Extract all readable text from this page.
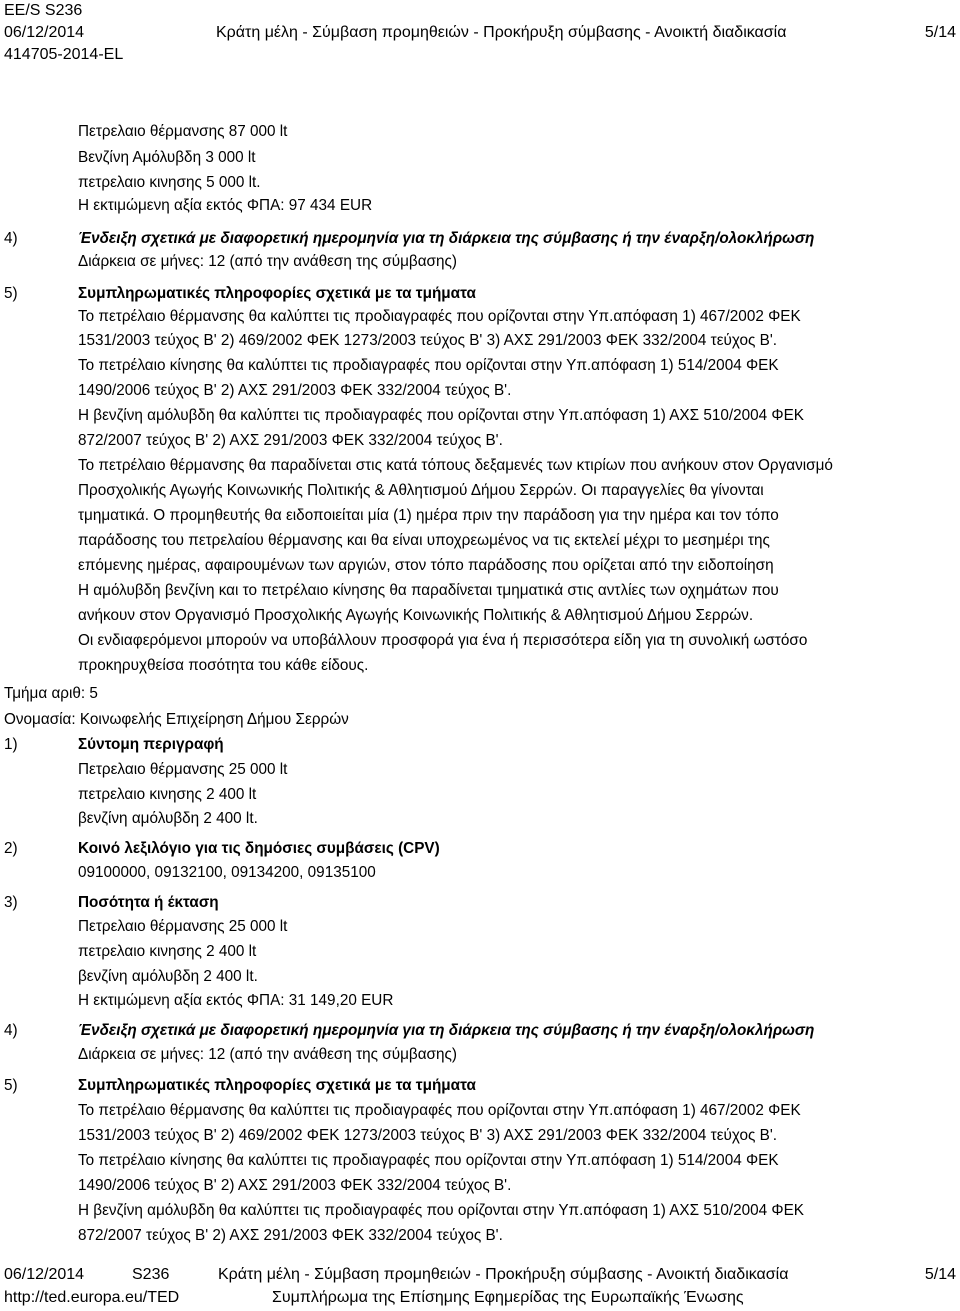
EE/S S236
06/12/2014	Κράτη μέλη - Σύμβαση προμηθειών - Προκήρυξη σύμβασης - Ανοικτή διαδικασία	5/14
414705-2014-EL
Πετρελαιο θέρμανσης 87 000 lt
Βενζίνη Αμόλυβδη 3 000 lt
πετρελαιο κινησης 5 000 lt.
Η εκτιμώμενη αξία εκτός ΦΠΑ: 97 434 EUR
4)	Ένδειξη σχετικά με διαφορετική ημερομηνία για τη διάρκεια της σύμβασης ή την έναρξη/ολοκλήρωση
Διάρκεια σε μήνες: 12 (από την ανάθεση της σύμβασης)
5)	Συμπληρωματικές πληροφορίες σχετικά με τα τμήματα
Το πετρέλαιο θέρμανσης θα καλύπτει τις προδιαγραφές που ορίζονται στην Υπ.απόφαση 1) 467/2002 ΦΕΚ
1531/2003 τεύχος Β' 2) 469/2002 ΦΕΚ 1273/2003 τεύχος Β' 3) ΑΧΣ 291/2003 ΦΕΚ 332/2004 τεύχος Β'.
Το πετρέλαιο κίνησης θα καλύπτει τις προδιαγραφές που ορίζονται στην Υπ.απόφαση 1) 514/2004 ΦΕΚ
1490/2006 τεύχος Β' 2) ΑΧΣ 291/2003 ΦΕΚ 332/2004 τεύχος Β'.
Η βενζίνη αμόλυβδη θα καλύπτει τις προδιαγραφές που ορίζονται στην Υπ.απόφαση 1) ΑΧΣ 510/2004 ΦΕΚ
872/2007 τεύχος Β' 2) ΑΧΣ 291/2003 ΦΕΚ 332/2004 τεύχος Β'.
Το πετρέλαιο θέρμανσης θα παραδίνεται στις κατά τόπους δεξαμενές των κτιρίων που ανήκουν στον Οργανισμό
Προσχολικής Αγωγής Κοινωνικής Πολιτικής & Αθλητισμού Δήμου Σερρών. Οι παραγγελίες θα γίνονται
τμηματικά. Ο προμηθευτής θα ειδοποιείται μία (1) ημέρα πριν την παράδοση για την ημέρα και τον τόπο
παράδοσης του πετρελαίου θέρμανσης και θα είναι υποχρεωμένος να τις εκτελεί μέχρι το μεσημέρι της
επόμενης ημέρας, αφαιρουμένων των αργιών, στον τόπο παράδοσης που ορίζεται από την ειδοποίηση
Η αμόλυβδη βενζίνη και το πετρέλαιο κίνησης θα παραδίνεται τμηματικά στις αντλίες των οχημάτων που
ανήκουν στον Οργανισμό Προσχολικής Αγωγής Κοινωνικής Πολιτικής & Αθλητισμού Δήμου Σερρών.
Οι ενδιαφερόμενοι μπορούν να υποβάλλουν προσφορά για ένα ή περισσότερα είδη για τη συνολική ωστόσο
προκηρυχθείσα ποσότητα του κάθε είδους.
Τμήμα αριθ: 5
Ονομασία: Κοινωφελής Επιχείρηση Δήμου Σερρών
1)	Σύντομη περιγραφή
Πετρελαιο θέρμανσης 25 000 lt
πετρελαιο κινησης 2 400 lt
βενζίνη αμόλυβδη 2 400 lt.
2)	Κοινό λεξιλόγιο για τις δημόσιες συμβάσεις (CPV)
09100000, 09132100, 09134200, 09135100
3)	Ποσότητα ή έκταση
Πετρελαιο θέρμανσης 25 000 lt
πετρελαιο κινησης 2 400 lt
βενζίνη αμόλυβδη 2 400 lt.
Η εκτιμώμενη αξία εκτός ΦΠΑ: 31 149,20 EUR
4)	Ένδειξη σχετικά με διαφορετική ημερομηνία για τη διάρκεια της σύμβασης ή την έναρξη/ολοκλήρωση
Διάρκεια σε μήνες: 12 (από την ανάθεση της σύμβασης)
5)	Συμπληρωματικές πληροφορίες σχετικά με τα τμήματα
Το πετρέλαιο θέρμανσης θα καλύπτει τις προδιαγραφές που ορίζονται στην Υπ.απόφαση 1) 467/2002 ΦΕΚ
1531/2003 τεύχος Β' 2) 469/2002 ΦΕΚ 1273/2003 τεύχος Β' 3) ΑΧΣ 291/2003 ΦΕΚ 332/2004 τεύχος Β'.
Το πετρέλαιο κίνησης θα καλύπτει τις προδιαγραφές που ορίζονται στην Υπ.απόφαση 1) 514/2004 ΦΕΚ
1490/2006 τεύχος Β' 2) ΑΧΣ 291/2003 ΦΕΚ 332/2004 τεύχος Β'.
Η βενζίνη αμόλυβδη θα καλύπτει τις προδιαγραφές που ορίζονται στην Υπ.απόφαση 1) ΑΧΣ 510/2004 ΦΕΚ
872/2007 τεύχος Β' 2) ΑΧΣ 291/2003 ΦΕΚ 332/2004 τεύχος Β'.
06/12/2014	S236	Κράτη μέλη - Σύμβαση προμηθειών - Προκήρυξη σύμβασης - Ανοικτή διαδικασία	5/14
http://ted.europa.eu/TED	Συμπλήρωμα της Επίσημης Εφημερίδας της Ευρωπαϊκής Ένωσης
